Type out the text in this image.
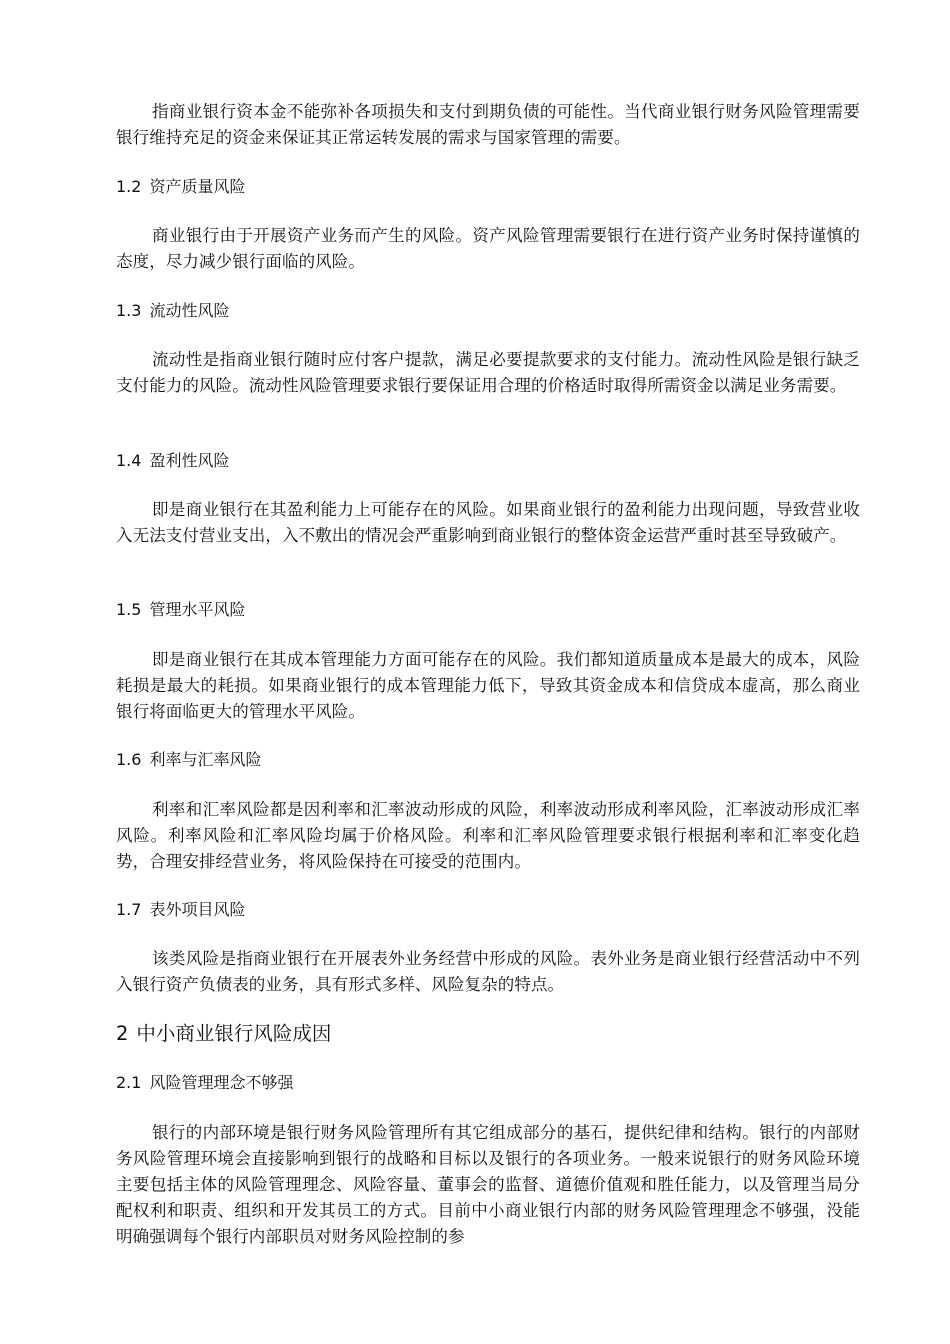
指商业银行资本金不能弥补各项损失和支付到期负债的可能性。当代商业银行财务风险管理需要银行维持充足的资金来保证其正常运转发展的需求与国家管理的需要。

1.2 资产质量风险

商业银行由于开展资产业务而产生的风险。资产风险管理需要银行在进行资产业务时保持谨慎的态度，尽力减少银行面临的风险。

1.3 流动性风险

流动性是指商业银行随时应付客户提款，满足必要提款要求的支付能力。流动性风险是银行缺乏支付能力的风险。流动性风险管理要求银行要保证用合理的价格适时取得所需资金以满足业务需要。

1.4 盈利性风险

即是商业银行在其盈利能力上可能存在的风险。如果商业银行的盈利能力出现问题，导致营业收入无法支付营业支出，入不敷出的情况会严重影响到商业银行的整体资金运营严重时甚至导致破产。

1.5 管理水平风险

即是商业银行在其成本管理能力方面可能存在的风险。我们都知道质量成本是最大的成本，风险耗损是最大的耗损。如果商业银行的成本管理能力低下，导致其资金成本和信贷成本虚高，那么商业银行将面临更大的管理水平风险。

1.6 利率与汇率风险

利率和汇率风险都是因利率和汇率波动形成的风险，利率波动形成利率风险，汇率波动形成汇率风险。利率风险和汇率风险均属于价格风险。利率和汇率风险管理要求银行根据利率和汇率变化趋势，合理安排经营业务，将风险保持在可接受的范围内。

1.7 表外项目风险

该类风险是指商业银行在开展表外业务经营中形成的风险。表外业务是商业银行经营活动中不列入银行资产负债表的业务，具有形式多样、风险复杂的特点。

2 中小商业银行风险成因
2.1 风险管理理念不够强

银行的内部环境是银行财务风险管理所有其它组成部分的基石，提供纪律和结构。银行的内部财务风险管理环境会直接影响到银行的战略和目标以及银行的各项业务。一般来说银行的财务风险环境主要包括主体的风险管理理念、风险容量、董事会的监督、道德价值观和胜任能力，以及管理当局分配权利和职责、组织和开发其员工的方式。目前中小商业银行内部的财务风险管理理念不够强，没能明确强调每个银行内部职员对财务风险控制的参
